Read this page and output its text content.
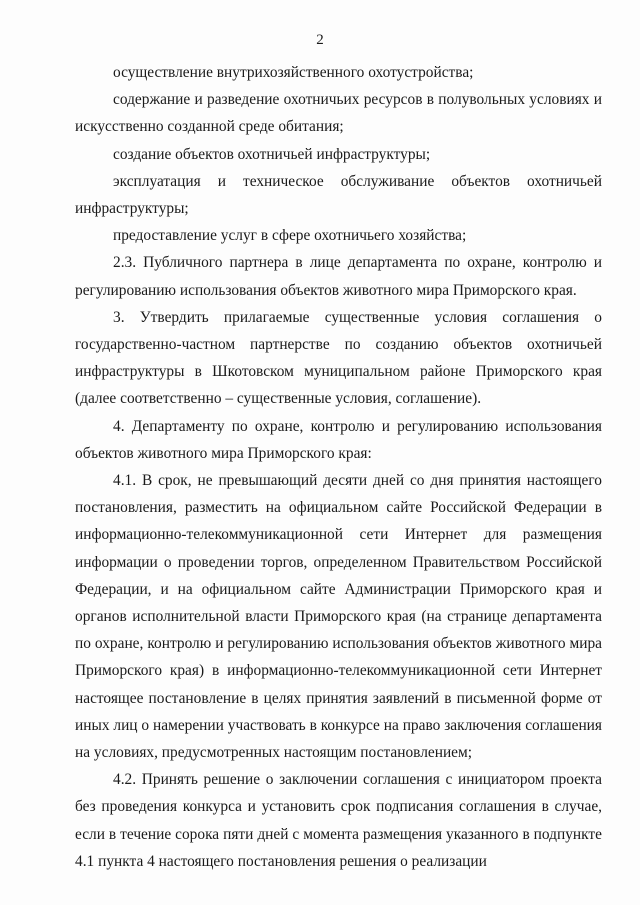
2

осуществление внутрихозяйственного охотустройства;

содержание и разведение охотничьих ресурсов в полувольных условиях и искусственно созданной среде обитания;

создание объектов охотничьей инфраструктуры;

эксплуатация и техническое обслуживание объектов охотничьей инфраструктуры;

предоставление услуг в сфере охотничьего хозяйства;

2.3. Публичного партнера в лице департамента по охране, контролю и регулированию использования объектов животного мира Приморского края.

3. Утвердить прилагаемые существенные условия соглашения о государственно-частном партнерстве по созданию объектов охотничьей инфраструктуры в Шкотовском муниципальном районе Приморского края (далее соответственно – существенные условия, соглашение).

4. Департаменту по охране, контролю и регулированию использования объектов животного мира Приморского края:

4.1. В срок, не превышающий десяти дней со дня принятия настоящего постановления, разместить на официальном сайте Российской Федерации в информационно-телекоммуникационной сети Интернет для размещения информации о проведении торгов, определенном Правительством Российской Федерации, и на официальном сайте Администрации Приморского края и органов исполнительной власти Приморского края (на странице департамента по охране, контролю и регулированию использования объектов животного мира Приморского края) в информационно-телекоммуникационной сети Интернет настоящее постановление в целях принятия заявлений в письменной форме от иных лиц о намерении участвовать в конкурсе на право заключения соглашения на условиях, предусмотренных настоящим постановлением;

4.2. Принять решение о заключении соглашения с инициатором проекта без проведения конкурса и установить срок подписания соглашения в случае, если в течение сорока пяти дней с момента размещения указанного в подпункте 4.1 пункта 4 настоящего постановления решения о реализации
